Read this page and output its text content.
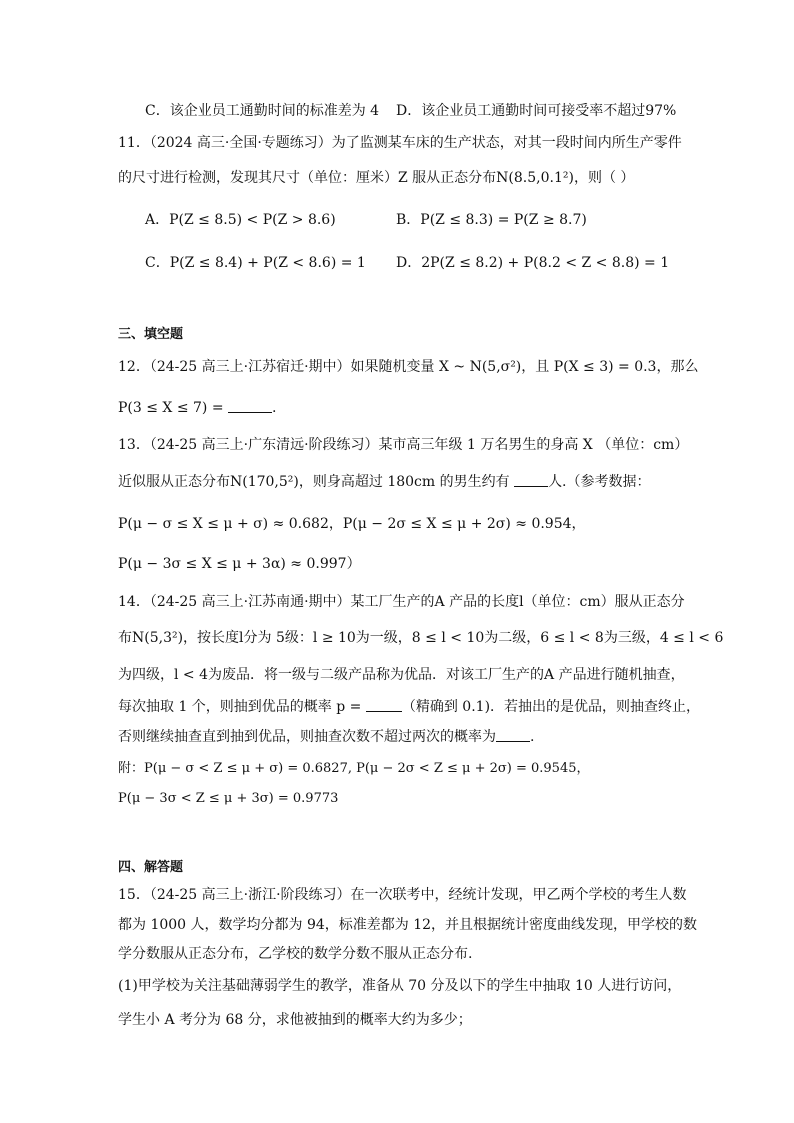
C．该企业员工通勤时间的标准差为 4 D．该企业员工通勤时间可接受率不超过97%
11．（2024 高三·全国·专题练习）为了监测某车床的生产状态，对其一段时间内所生产零件
的尺寸进行检测，发现其尺寸（单位：厘米）Z 服从正态分布N(8.5,0.1²)，则（ ）
A．P(Z ≤ 8.5) < P(Z > 8.6)	B．P(Z ≤ 8.3) = P(Z ≥ 8.7)
C．P(Z ≤ 8.4) + P(Z < 8.6) = 1 D．2P(Z ≤ 8.2) + P(8.2 < Z < 8.8) = 1
三、填空题
12．（24-25 高三上·江苏宿迁·期中）如果随机变量 X ~ N(5,σ²)，且 P(X ≤ 3) = 0.3，那么
P(3 ≤ X ≤ 7) =	.
13．（24-25 高三上·广东清远·阶段练习）某市高三年级 1 万名男生的身高 X （单位：cm）
近似服从正态分布N(170,5²)，则身高超过 180cm 的男生约有	人.（参考数据：
P(μ − σ ≤ X ≤ μ + σ) ≈ 0.682，P(μ − 2σ ≤ X ≤ μ + 2σ) ≈ 0.954，
P(μ − 3σ ≤ X ≤ μ + 3α) ≈ 0.997）
14．（24-25 高三上·江苏南通·期中）某工厂生产的A 产品的长度l（单位：cm）服从正态分
布N(5,3²)，按长度l分为 5级：l ≥ 10为一级，8 ≤ l < 10为二级，6 ≤ l < 8为三级，4 ≤ l < 6
为四级，l < 4为废品．将一级与二级产品称为优品．对该工厂生产的A 产品进行随机抽查，
每次抽取 1 个，则抽到优品的概率 p =	（精确到 0.1)．若抽出的是优品，则抽查终止，
否则继续抽查直到抽到优品，则抽查次数不超过两次的概率为 .
附：P(μ − σ < Z ≤ μ + σ) = 0.6827, P(μ − 2σ < Z ≤ μ + 2σ) = 0.9545，
P(μ − 3σ < Z ≤ μ + 3σ) = 0.9773
四、解答题
15．（24-25 高三上·浙江·阶段练习）在一次联考中，经统计发现，甲乙两个学校的考生人数
都为 1000 人，数学均分都为 94，标准差都为 12，并且根据统计密度曲线发现，甲学校的数
学分数服从正态分布，乙学校的数学分数不服从正态分布.
(1)甲学校为关注基础薄弱学生的教学，准备从 70 分及以下的学生中抽取 10 人进行访问，
学生小 A 考分为 68 分，求他被抽到的概率大约为多少；
